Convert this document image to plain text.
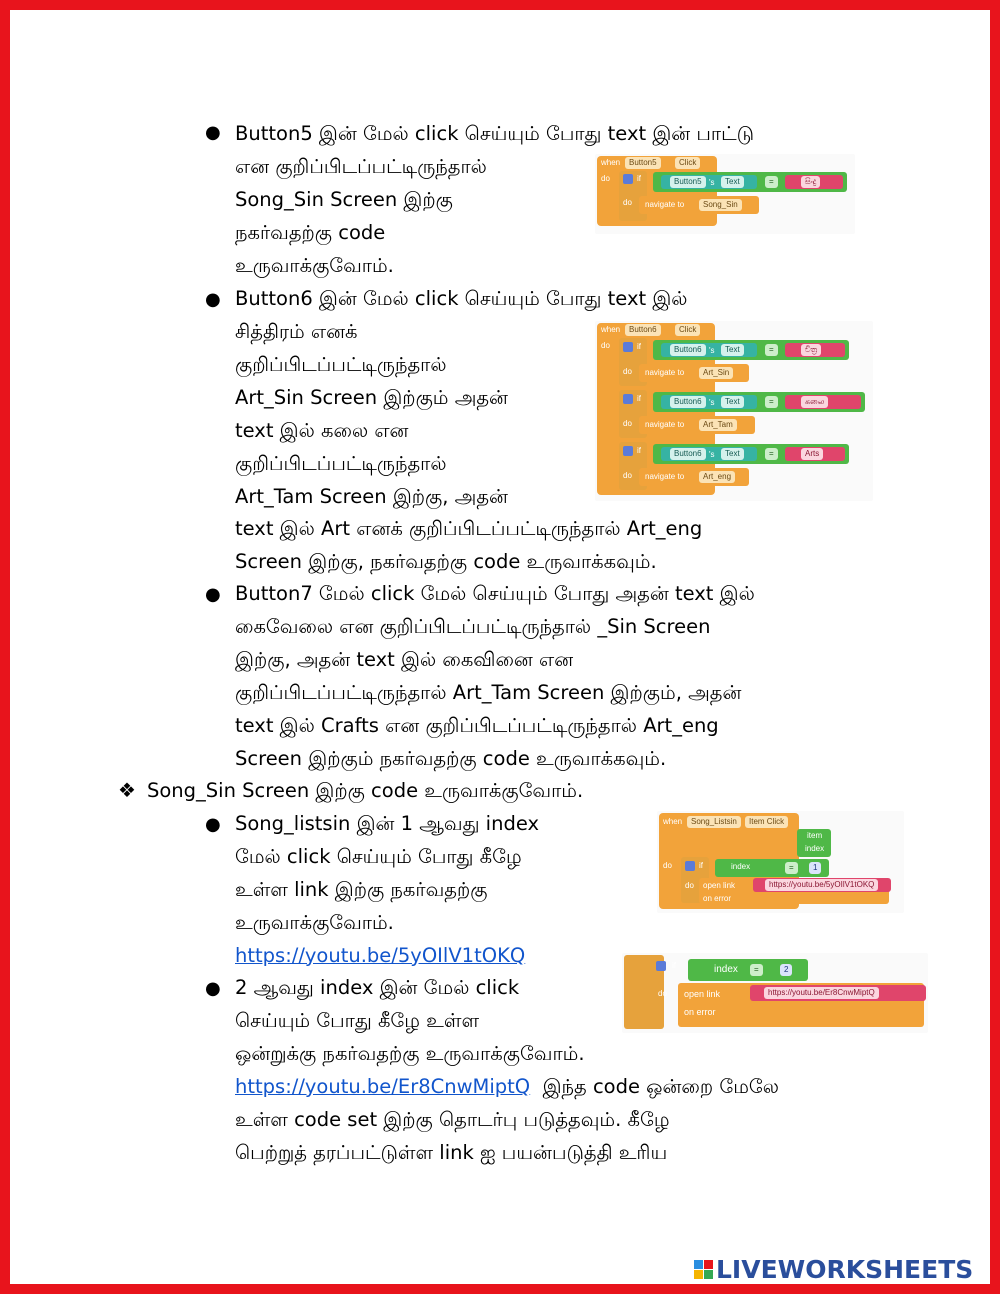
● Button5 இன் மேல் click செய்யும் போது text இன் பாட்டு
என குறிப்பிடப்பட்டிருந்தால்
Song_Sin Screen இற்கு
நகர்வதற்கு code
உருவாக்குவோம்.
when	Button5	Click
do	if	Button5 's	Text	=	සිංදු
do navigate to	Song_Sin
● Button6 இன் மேல் click செய்யும் போது text இல்
சித்திரம் எனக்
குறிப்பிடப்பட்டிருந்தால்
Art_Sin Screen இற்கும் அதன்
text இல் கலை என
குறிப்பிடப்பட்டிருந்தால்
Art_Tam Screen இற்கு, அதன்
text இல் Art எனக் குறிப்பிடப்பட்டிருந்தால் Art_eng
Screen இற்கு, நகர்வதற்கு code உருவாக்கவும்.
when	Button6	Click
do	if	Button6 's	Text	=	චිත්‍ර
do navigate to	Art_Sin
if	Button6 's	Text	=	கலை
do navigate to	Art_Tam
if	Button6 's	Text	=	Arts
do navigate to	Art_eng
● Button7 மேல் click மேல் செய்யும் போது அதன் text இல்
கைவேலை என குறிப்பிடப்பட்டிருந்தால் _Sin Screen
இற்கு, அதன் text இல் கைவினை என
குறிப்பிடப்பட்டிருந்தால் Art_Tam Screen இற்கும், அதன்
text இல் Crafts என குறிப்பிடப்பட்டிருந்தால் Art_eng
Screen இற்கும் நகர்வதற்கு code உருவாக்கவும்.
❖ Song_Sin Screen இற்கு code உருவாக்குவோம்.
● Song_listsin இன் 1 ஆவது index
மேல் click செய்யும் போது கீழே
உள்ள link இற்கு நகர்வதற்கு
உருவாக்குவோம்.
https://youtu.be/5yOIlV1tOKQ
when	Song_Listsin	Item Click
item
index
do	if	index	=	1
do open link
on error
https://youtu.be/5yOIlV1tOKQ
● 2 ஆவது index இன் மேல் click
செய்யும் போது கீழே உள்ள
ஒன்றுக்கு நகர்வதற்கு உருவாக்குவோம்.
https://youtu.be/Er8CnwMiptQ இந்த code ஒன்றை மேலே
உள்ள code set இற்கு தொடர்பு படுத்தவும். கீழே
பெற்றுத் தரப்பட்டுள்ள link ஐ பயன்படுத்தி உரிய
if	index	=	2
do open link
on error
https://youtu.be/Er8CnwMiptQ
LIVEWORKSHEETS
